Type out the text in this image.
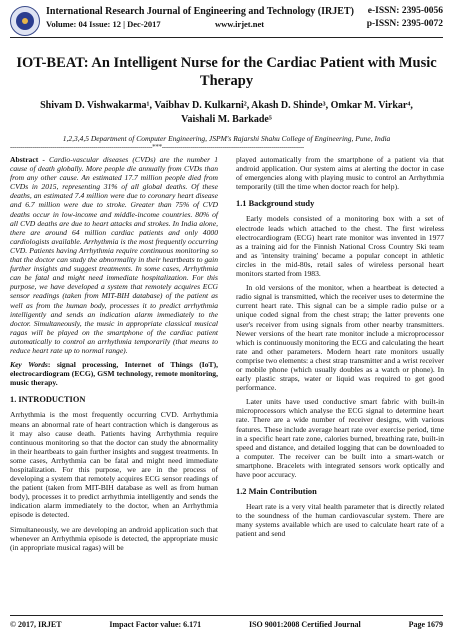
International Research Journal of Engineering and Technology (IRJET) e-ISSN: 2395-0056
Volume: 04 Issue: 12 | Dec-2017	www.irjet.net	p-ISSN: 2395-0072
IOT-BEAT: An Intelligent Nurse for the Cardiac Patient with Music Therapy
Shivam D. Vishwakarma¹, Vaibhav D. Kulkarni², Akash D. Shinde³, Omkar M. Virkar⁴,
Vaishali M. Barkade⁵
1,2,3,4,5 Department of Computer Engineering, JSPM's Rajarshi Shahu College of Engineering, Pune, India
----------------------------------------------------------------------***----------------------------------------------------------------------

Abstract - Cardio-vascular diseases (CVDs) are the number 1 cause of death globally. More people die annually from CVDs than from any other cause. An estimated 17.7 million people died from CVDs in 2015, representing 31% of all global deaths. Of these deaths, an estimated 7.4 million were due to coronary heart disease and 6.7 million were due to stroke. Greater than 75% of CVD deaths occur in low-income and middle-income countries. 80% of all CVD deaths are due to heart attacks and strokes. In India alone, there are around 64 million cardiac patients and only 4000 cardiologists available. Arrhythmia is the most frequently occurring CVD. Patients having Arrhythmia require continuous monitoring so that the doctor can study the abnormality in their heartbeats to gain further insights and suggest treatments. In some cases, Arrhythmia can be fatal and might need immediate hospitalization. For this purpose, we have developed a system that remotely acquires ECG sensor readings (taken from MIT-BIH database) of the patient as well as from the human body, processes it to predict arrhythmia intelligently and sends an indication alarm immediately to the doctor. Simultaneously, the music in appropriate classical musical ragas will be played on the smartphone of the cardiac patient automatically to control an arrhythmia temporarily (that means to reduce heart rate up to normal range).

Key Words: signal processing, Internet of Things (IoT), electrocardiogram (ECG), GSM technology, remote monitoring, music therapy.

1. INTRODUCTION

Arrhythmia is the most frequently occurring CVD. Arrhythmia means an abnormal rate of heart contraction which is dangerous as it may also cause death. Patients having Arrhythmia require continuous monitoring so that the doctor can study the abnormality in their heartbeats to gain further insights and suggest treatments. In some cases, Arrhythmia can be fatal and might need immediate hospitalization. For this purpose, we are in the process of developing a system that remotely acquires ECG sensor readings of the patient (taken from MIT-BIH database as well as from human body), processes it to predict arrhythmia intelligently and sends the indication alarm immediately to the doctor, when an Arrhythmia episode is detected.

Simultaneously, we are developing an android application such that whenever an Arrhythmia episode is detected, the appropriate music (in appropriate musical ragas) will be

played automatically from the smartphone of a patient via that android application. Our system aims at alerting the doctor in case of emergencies along with playing music to control an Arrhythmia temporarily (till the time when doctor reach for help).

1.1 Background study

Early models consisted of a monitoring box with a set of electrode leads which attached to the chest. The first wireless electrocardiogram (ECG) heart rate monitor was invented in 1977 as a training aid for the Finnish National Cross Country Ski team and as 'intensity training' became a popular concept in athletic circles in the mid-80s, retail sales of wireless personal heart monitors started from 1983.

In old versions of the monitor, when a heartbeat is detected a radio signal is transmitted, which the receiver uses to determine the current heart rate. This signal can be a simple radio pulse or a unique coded signal from the chest strap; the latter prevents one user's receiver from using signals from other nearby transmitters. Newer versions of the heart rate monitor include a microprocessor which is continuously monitoring the ECG and calculating the heart rate and other parameters. Modern heart rate monitors usually comprise two elements: a chest strap transmitter and a wrist receiver or mobile phone (which usually doubles as a watch or phone). In early plastic straps, water or liquid was required to get good performance.

Later units have used conductive smart fabric with built-in microprocessors which analyse the ECG signal to determine heart rate. There are a wide number of receiver designs, with various features. These include average heart rate over exercise period, time in a specific heart rate zone, calories burned, breathing rate, built-in speed and distance, and detailed logging that can be downloaded to a computer. The receiver can be built into a smart-watch or smartphone. Bracelets with integrated sensors work optically and have poor accuracy.

1.2 Main Contribution

Heart rate is a very vital health parameter that is directly related to the soundness of the human cardiovascular system. There are many systems available which are used to calculate heart rate of a patient and send

© 2017, IRJET	Impact Factor value: 6.171	ISO 9001:2008 Certified Journal	Page 1679
